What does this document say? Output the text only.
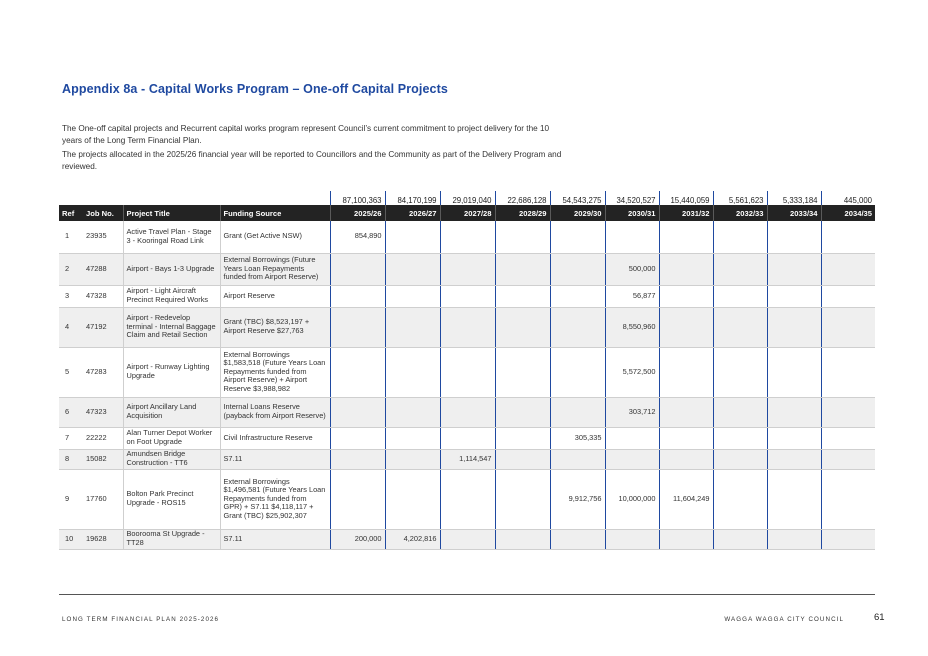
Appendix 8a - Capital Works Program – One-off Capital Projects

The One-off capital projects and Recurrent capital works program represent Council’s current commitment to project delivery for the 10 years of the Long Term Financial Plan.

The projects allocated in the 2025/26 financial year will be reported to Councillors and the Community as part of the Delivery Program and reviewed.

				87,100,363	84,170,199	29,019,040	22,686,128	54,543,275	34,520,527	15,440,059	5,561,623	5,333,184	445,000
Ref	Job No.	Project Title	Funding Source	2025/26	2026/27	2027/28	2028/29	2029/30	2030/31	2031/32	2032/33	2033/34	2034/35
1	23935	Active Travel Plan - Stage 3 - Kooringal Road Link	Grant (Get Active NSW)	854,890									
2	47288	Airport - Bays 1-3 Upgrade	External Borrowings (Future Years Loan Repayments funded from Airport Reserve)						500,000				
3	47328	Airport - Light Aircraft Precinct Required Works	Airport Reserve						56,877				
4	47192	Airport - Redevelop terminal - Internal Baggage Claim and Retail Section	Grant (TBC) $8,523,197 + Airport Reserve $27,763						8,550,960				
5	47283	Airport - Runway Lighting Upgrade	External Borrowings $1,583,518 (Future Years Loan Repayments funded from Airport Reserve) + Airport Reserve $3,988,982						5,572,500				
6	47323	Airport Ancillary Land Acquisition	Internal Loans Reserve (payback from Airport Reserve)						303,712				
7	22222	Alan Turner Depot Worker on Foot Upgrade	Civil Infrastructure Reserve					305,335					
8	15082	Amundsen Bridge Construction - TT6	S7.11			1,114,547							
9	17760	Bolton Park Precinct Upgrade - ROS15	External Borrowings $1,496,581 (Future Years Loan Repayments funded from GPR) + S7.11 $4,118,117 + Grant (TBC) $25,902,307					9,912,756	10,000,000	11,604,249			
10	19628	Boorooma St Upgrade - TT28	S7.11	200,000	4,202,816								
LONG TERM FINANCIAL PLAN 2025-2026	WAGGA WAGGA CITY COUNCIL	61
